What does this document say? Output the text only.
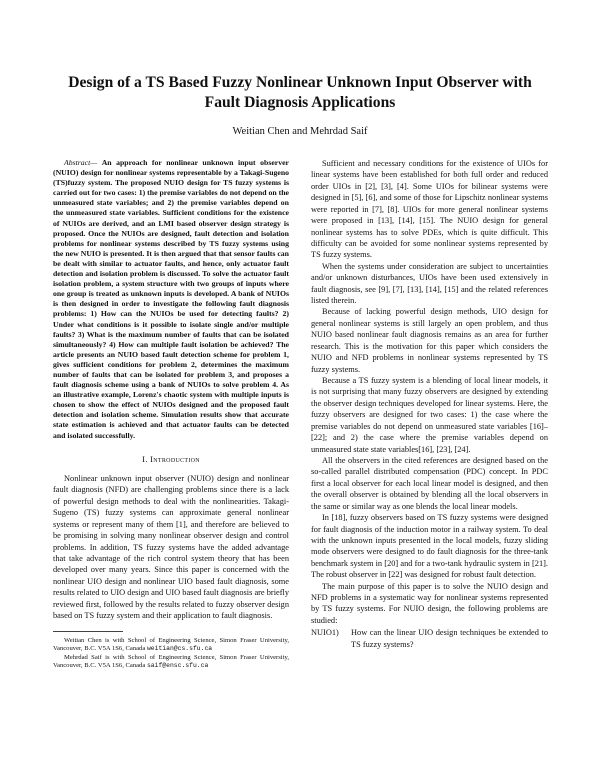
Design of a TS Based Fuzzy Nonlinear Unknown Input Observer with
Fault Diagnosis Applications
Weitian Chen and Mehrdad Saif

Abstract— An approach for nonlinear unknown input observer (NUIO) design for nonlinear systems representable by a Takagi-Sugeno (TS)fuzzy system. The proposed NUIO design for TS fuzzy systems is carried out for two cases: 1) the premise variables do not depend on the unmeasured state variables; and 2) the premise variables depend on the unmeasured state variables. Sufficient conditions for the existence of NUIOs are derived, and an LMI based observer design strategy is proposed. Once the NUIOs are designed, fault detection and isolation problems for nonlinear systems described by TS fuzzy systems using the new NUIO is presented. It is then argued that that sensor faults can be dealt with similar to actuator faults, and hence, only actuator fault detection and isolation problem is discussed. To solve the actuator fault isolation problem, a system structure with two groups of inputs where one group is treated as unknown inputs is developed. A bank of NUIOs is then designed in order to investigate the following fault diagnosis problems: 1) How can the NUIOs be used for detecting faults? 2) Under what conditions is it possible to isolate single and/or multiple faults? 3) What is the maximum number of faults that can be isolated simultaneously? 4) How can multiple fault isolation be achieved? The article presents an NUIO based fault detection scheme for problem 1, gives sufficient conditions for problem 2, determines the maximum number of faults that can be isolated for problem 3, and proposes a fault diagnosis scheme using a bank of NUIOs to solve problem 4. As an illustrative example, Lorenz's chaotic system with multiple inputs is chosen to show the effect of NUIOs designed and the proposed fault detection and isolation scheme. Simulation results show that accurate state estimation is achieved and that actuator faults can be detected and isolated successfully.

I. Introduction

Nonlinear unknown input observer (NUIO) design and nonlinear fault diagnosis (NFD) are challenging problems since there is a lack of powerful design methods to deal with the nonlinearities. Takagi-Sugeno (TS) fuzzy systems can approximate general nonlinear systems or represent many of them [1], and therefore are believed to be promising in solving many nonlinear observer design and control problems. In addition, TS fuzzy systems have the added advantage that take advantage of the rich control system theory that has been developed over many years. Since this paper is concerned with the nonlinear UIO design and nonlinear UIO based fault diagnosis, some results related to UIO design and UIO based fault diagnosis are briefly reviewed first, followed by the results related to fuzzy observer design based on TS fuzzy system and their application to fault diagnosis.

Weitian Chen is with School of Engineering Science, Simon Fraser University, Vancouver, B.C. V5A 1S6, Canada weitian@cs.sfu.ca

Mehrdad Saif is with School of Engineering Science, Simon Fraser University, Vancouver, B.C. V5A 1S6, Canada saif@ensc.sfu.ca

Sufficient and necessary conditions for the existence of UIOs for linear systems have been established for both full order and reduced order UIOs in [2], [3], [4]. Some UIOs for bilinear systems were designed in [5], [6], and some of those for Lipschitz nonlinear systems were reported in [7], [8]. UIOs for more general nonlinear systems were proposed in [13], [14], [15]. The NUIO design for general nonlinear systems has to solve PDEs, which is quite difficult. This difficulty can be avoided for some nonlinear systems represented by TS fuzzy systems.

When the systems under consideration are subject to uncertainties and/or unknown disturbances, UIOs have been used extensively in fault diagnosis, see [9], [7], [13], [14], [15] and the related references listed therein.

Because of lacking powerful design methods, UIO design for general nonlinear systems is still largely an open problem, and thus NUIO based nonlinear fault diagnosis remains as an area for further research. This is the motivation for this paper which considers the NUIO and NFD problems in nonlinear systems represented by TS fuzzy systems.

Because a TS fuzzy system is a blending of local linear models, it is not surprising that many fuzzy observers are designed by extending the observer design techniques developed for linear systems. Here, the fuzzy observers are designed for two cases: 1) the case where the premise variables do not depend on unmeasured state variables [16]–[22]; and 2) the case where the premise variables depend on unmeasured state state variables[16], [23], [24].

All the observers in the cited references are designed based on the so-called parallel distributed compensation (PDC) concept. In PDC first a local observer for each local linear model is designed, and then the overall observer is obtained by blending all the local observers in the same or similar way as one blends the local linear models.

In [18], fuzzy observers based on TS fuzzy systems were designed for fault diagnosis of the induction motor in a railway system. To deal with the unknown inputs presented in the local models, fuzzy sliding mode observers were designed to do fault diagnosis for the three-tank benchmark system in [20] and for a two-tank hydraulic system in [21]. The robust observer in [22] was designed for robust fault detection.

The main purpose of this paper is to solve the NUIO design and NFD problems in a systematic way for nonlinear systems represented by TS fuzzy systems. For NUIO design, the following problems are studied:

NUIO1)	How can the linear UIO design techniques be extended to TS fuzzy systems?
